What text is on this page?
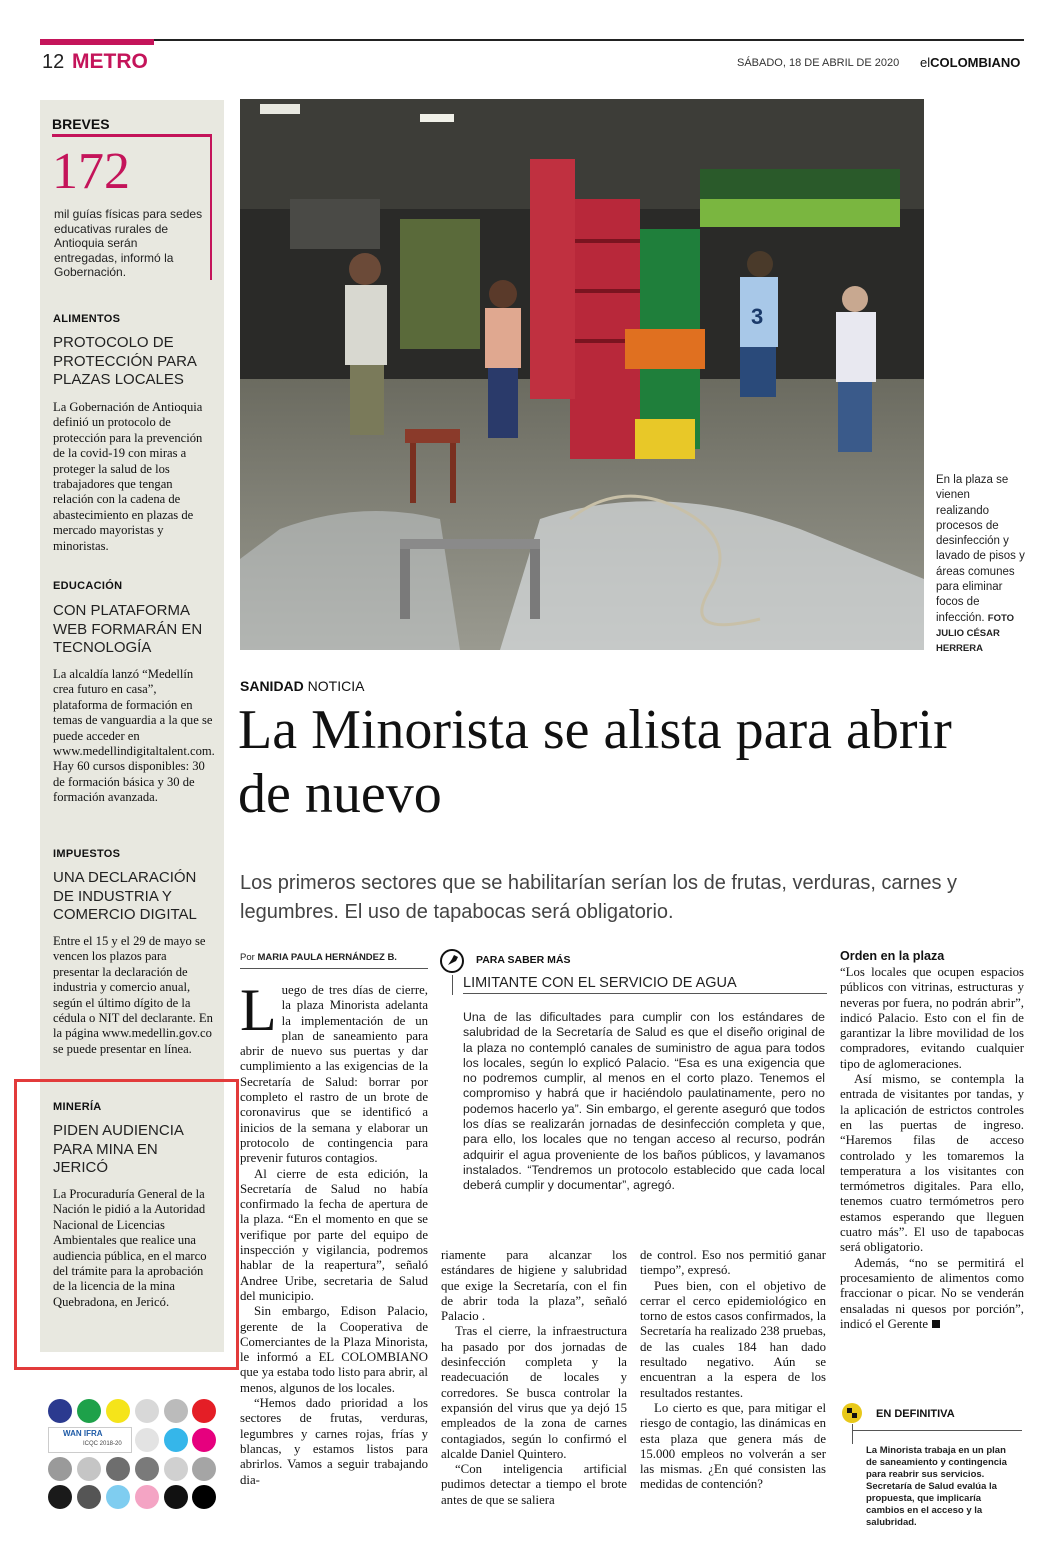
12 METRO	SÁBADO, 18 DE ABRIL DE 2020 elCOLOMBIANO
BREVES
172
mil guías físicas para sedes educativas rurales de Antioquia serán entregadas, informó la Gobernación.
ALIMENTOS
PROTOCOLO DE PROTECCIÓN PARA PLAZAS LOCALES
La Gobernación de Antioquia definió un protocolo de protección para la prevención de la covid-19 con miras a proteger la salud de los trabajadores que tengan relación con la cadena de abastecimiento en plazas de mercado mayoristas y minoristas.
EDUCACIÓN
CON PLATAFORMA WEB FORMARÁN EN TECNOLOGÍA
La alcaldía lanzó “Medellín crea futuro en casa”, plataforma de formación en temas de vanguardia a la que se puede acceder en www.medellindigitaltalent.com. Hay 60 cursos disponibles: 30 de formación básica y 30 de formación avanzada.
IMPUESTOS
UNA DECLARACIÓN DE INDUSTRIA Y COMERCIO DIGITAL
Entre el 15 y el 29 de mayo se vencen los plazos para presentar la declaración de industria y comercio anual, según el último dígito de la cédula o NIT del declarante. En la página www.medellin.gov.co se puede presentar en línea.
MINERÍA
PIDEN AUDIENCIA PARA MINA EN JERICÓ
La Procuraduría General de la Nación le pidió a la Autoridad Nacional de Licencias Ambientales que realice una audiencia pública, en el marco del trámite para la aprobación de la licencia de la mina Quebradona, en Jericó.
WAN IFRA
ICQC 2018-20
3
En la plaza se vienen realizando procesos de desinfección y lavado de pisos y áreas comunes para eliminar focos de infección. FOTO JULIO CÉSAR HERRERA
SANIDAD NOTICIA
La Minorista se alista para abrir de nuevo
Los primeros sectores que se habilitarían serían los de frutas, verduras, carnes y legumbres. El uso de tapabocas será obligatorio.
Por MARIA PAULA HERNÁNDEZ B.

Luego de tres días de cierre, la plaza Minorista adelanta la implementación de un plan de saneamiento para abrir de nuevo sus puertas y dar cumplimiento a las exigencias de la Secretaría de Salud: borrar por completo el rastro de un brote de coronavirus que se identificó a inicios de la semana y elaborar un protocolo de contingencia para prevenir futuros contagios.

Al cierre de esta edición, la Secretaría de Salud no había confirmado la fecha de apertura de la plaza. “En el momento en que se verifique por parte del equipo de inspección y vigilancia, podremos hablar de la reapertura”, señaló Andree Uribe, secretaria de Salud del municipio.

Sin embargo, Edison Palacio, gerente de la Cooperativa de Comerciantes de la Plaza Minorista, le informó a EL COLOMBIANO que ya estaba todo listo para abrir, al menos, algunos de los locales.

“Hemos dado prioridad a los sectores de frutas, verduras, legumbres y carnes rojas, frías y blancas, y estamos listos para abrirlos. Vamos a seguir trabajando dia-

PARA SABER MÁS
LIMITANTE CON EL SERVICIO DE AGUA
Una de las dificultades para cumplir con los estándares de salubridad de la Secretaría de Salud es que el diseño original de la plaza no contempló canales de suministro de agua para todos los locales, según lo explicó Palacio. “Esa es una exigencia que no podremos cumplir, al menos en el corto plazo. Tenemos el compromiso y habrá que ir haciéndolo paulatinamente, pero no podemos hacerlo ya”. Sin embargo, el gerente aseguró que todos los días se realizarán jornadas de desinfección completa y que, para ello, los locales que no tengan acceso al recurso, podrán adquirir el agua proveniente de los baños públicos, y lavamanos instalados. “Tendremos un protocolo establecido que cada local deberá cumplir y documentar”, agregó.

riamente para alcanzar los estándares de higiene y salubridad que exige la Secretaría, con el fin de abrir toda la plaza”, señaló Palacio .

Tras el cierre, la infraestructura ha pasado por dos jornadas de desinfección completa y la readecuación de locales y corredores. Se busca controlar la expansión del virus que ya dejó 15 empleados de la zona de carnes contagiados, según lo confirmó el alcalde Daniel Quintero.

“Con inteligencia artificial pudimos detectar a tiempo el brote antes de que se saliera

de control. Eso nos permitió ganar tiempo”, expresó.

Pues bien, con el objetivo de cerrar el cerco epidemiológico en torno de estos casos confirmados, la Secretaría ha realizado 238 pruebas, de las cuales 184 han dado resultado negativo. Aún se encuentran a la espera de los resultados restantes.

Lo cierto es que, para mitigar el riesgo de contagio, las dinámicas en esta plaza que genera más de 15.000 empleos no volverán a ser las mismas. ¿En qué consisten las medidas de contención?

Orden en la plaza

“Los locales que ocupen espacios públicos con vitrinas, estructuras y neveras por fuera, no podrán abrir”, indicó Palacio. Esto con el fin de garantizar la libre movilidad de los compradores, evitando cualquier tipo de aglomeraciones.

Así mismo, se contempla la entrada de visitantes por tandas, y la aplicación de estrictos controles en las puertas de ingreso. “Haremos filas de acceso controlado y les tomaremos la temperatura a los visitantes con termómetros digitales. Para ello, tenemos cuatro termómetros pero estamos esperando que lleguen cuatro más”. El uso de tapabocas será obligatorio.

Además, “no se permitirá el procesamiento de alimentos como fraccionar o picar. No se venderán ensaladas ni quesos por porción”, indicó el Gerente

EN DEFINITIVA
La Minorista trabaja en un plan de saneamiento y contingencia para reabrir sus servicios. Secretaría de Salud evalúa la propuesta, que implicaría cambios en el acceso y la salubridad.
